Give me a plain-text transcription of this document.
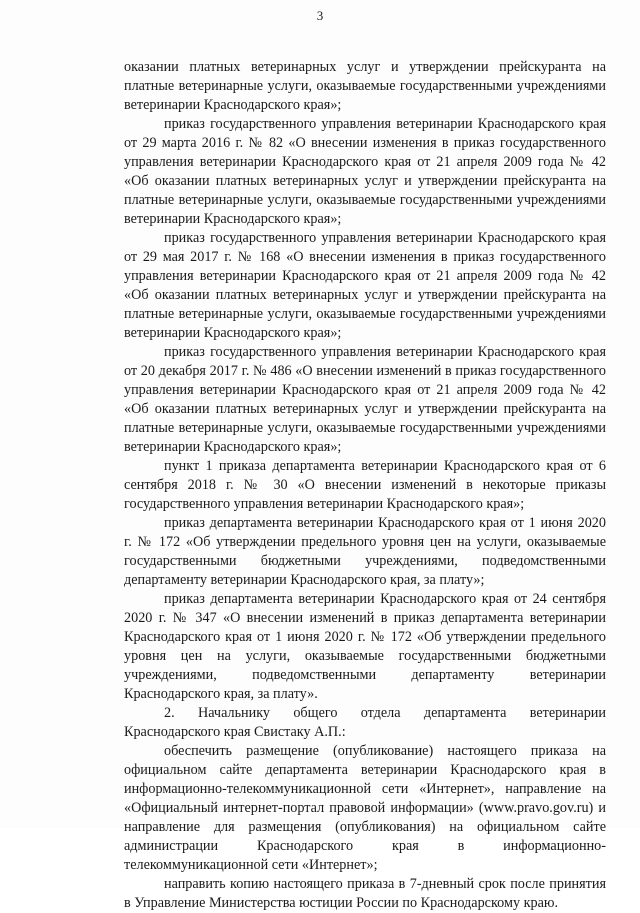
3

оказании платных ветеринарных услуг и утверждении прейскуранта на платные ветеринарные услуги, оказываемые государственными учреждениями ветеринарии Краснодарского края»;

приказ государственного управления ветеринарии Краснодарского края от 29 марта 2016 г. № 82 «О внесении изменения в приказ государственного управления ветеринарии Краснодарского края от 21 апреля 2009 года № 42 «Об оказании платных ветеринарных услуг и утверждении прейскуранта на платные ветеринарные услуги, оказываемые государственными учреждениями ветеринарии Краснодарского края»;

приказ государственного управления ветеринарии Краснодарского края от 29 мая 2017 г. № 168 «О внесении изменения в приказ государственного управления ветеринарии Краснодарского края от 21 апреля 2009 года № 42 «Об оказании платных ветеринарных услуг и утверждении прейскуранта на платные ветеринарные услуги, оказываемые государственными учреждениями ветеринарии Краснодарского края»;

приказ государственного управления ветеринарии Краснодарского края от 20 декабря 2017 г. № 486 «О внесении изменений в приказ государственного управления ветеринарии Краснодарского края от 21 апреля 2009 года № 42 «Об оказании платных ветеринарных услуг и утверждении прейскуранта на платные ветеринарные услуги, оказываемые государственными учреждениями ветеринарии Краснодарского края»;

пункт 1 приказа департамента ветеринарии Краснодарского края от 6 сентября 2018 г. № 30 «О внесении изменений в некоторые приказы государственного управления ветеринарии Краснодарского края»;

приказ департамента ветеринарии Краснодарского края от 1 июня 2020 г. № 172 «Об утверждении предельного уровня цен на услуги, оказываемые государственными бюджетными учреждениями, подведомственными департаменту ветеринарии Краснодарского края, за плату»;

приказ департамента ветеринарии Краснодарского края от 24 сентября 2020 г. № 347 «О внесении изменений в приказ департамента ветеринарии Краснодарского края от 1 июня 2020 г. № 172 «Об утверждении предельного уровня цен на услуги, оказываемые государственными бюджетными учреждениями, подведомственными департаменту ветеринарии Краснодарского края, за плату».

2. Начальнику общего отдела департамента ветеринарии Краснодарского края Свистаку А.П.:

обеспечить размещение (опубликование) настоящего приказа на официальном сайте департамента ветеринарии Краснодарского края в информационно-телекоммуникационной сети «Интернет», направление на «Официальный интернет-портал правовой информации» (www.pravo.gov.ru) и направление для размещения (опубликования) на официальном сайте администрации Краснодарского края в информационно-телекоммуникационной сети «Интернет»;

направить копию настоящего приказа в 7-дневный срок после принятия в Управление Министерства юстиции России по Краснодарскому краю.
